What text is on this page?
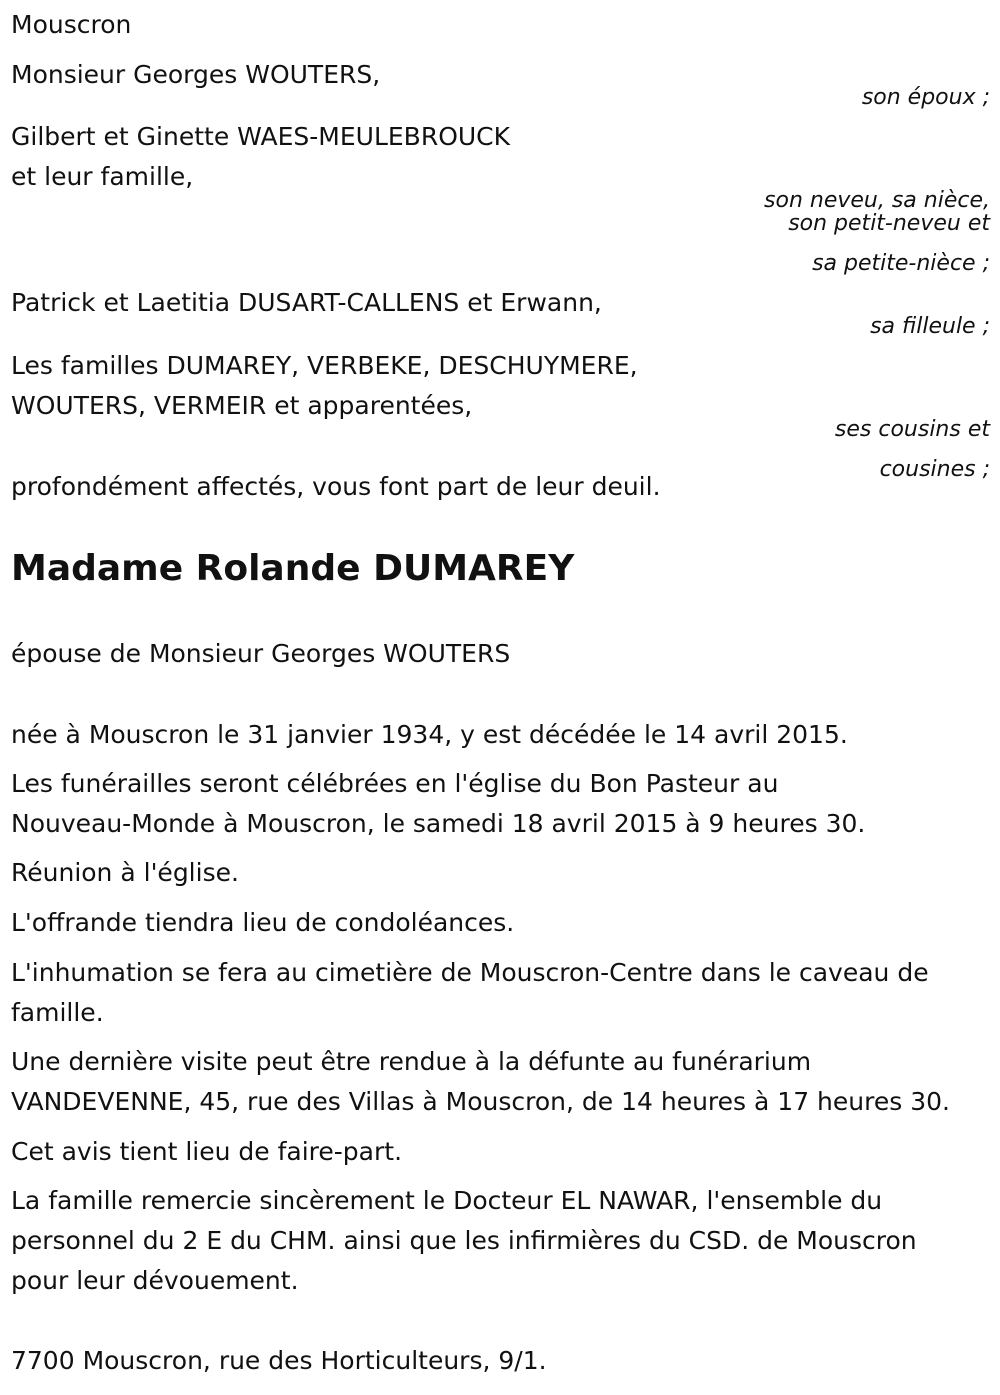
Mouscron
Monsieur Georges WOUTERS,
son époux ;
Gilbert et Ginette WAES-MEULEBROUCK
et leur famille,
son neveu, sa nièce,
son petit-neveu et
sa petite-nièce ;
Patrick et Laetitia DUSART-CALLENS et Erwann,
sa filleule ;
Les familles DUMAREY, VERBEKE, DESCHUYMERE,
WOUTERS, VERMEIR et apparentées,
ses cousins et
cousines ;
profondément affectés, vous font part de leur deuil.
Madame Rolande DUMAREY
épouse de Monsieur Georges WOUTERS
née à Mouscron le 31 janvier 1934, y est décédée le 14 avril 2015.
Les funérailles seront célébrées en l'église du Bon Pasteur au
Nouveau-Monde à Mouscron, le samedi 18 avril 2015 à 9 heures 30.
Réunion à l'église.
L'offrande tiendra lieu de condoléances.
L'inhumation se fera au cimetière de Mouscron-Centre dans le caveau de
famille.
Une dernière visite peut être rendue à la défunte au funérarium
VANDEVENNE, 45, rue des Villas à Mouscron, de 14 heures à 17 heures 30.
Cet avis tient lieu de faire-part.
La famille remercie sincèrement le Docteur EL NAWAR, l'ensemble du
personnel du 2 E du CHM. ainsi que les infirmières du CSD. de Mouscron
pour leur dévouement.
7700 Mouscron, rue des Horticulteurs, 9/1.
